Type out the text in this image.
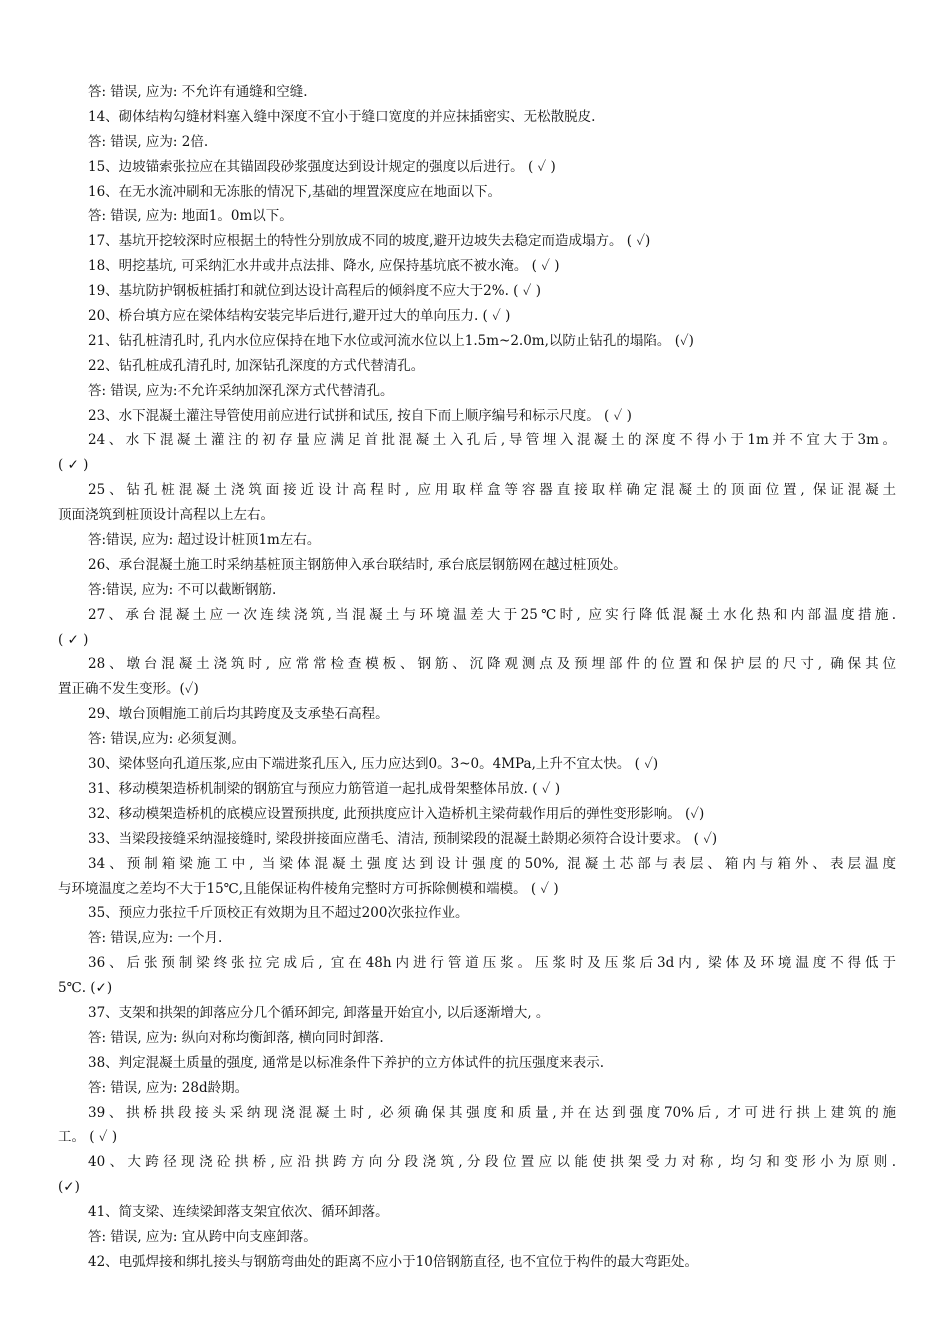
答: 错误, 应为: 不允许有通缝和空缝.
14、砌体结构勾缝材料塞入缝中深度不宜小于缝口宽度的并应抹插密实、无松散脱皮.
答: 错误, 应为: 2倍.
15、边坡锚索张拉应在其锚固段砂浆强度达到设计规定的强度以后进行。 ( ✓ )
16、在无水流冲刷和无冻胀的情况下,基础的埋置深度应在地面以下。
答: 错误, 应为: 地面1。0m以下。
17、基坑开挖较深时应根据土的特性分别放成不同的坡度,避开边坡失去稳定而造成塌方。 ( ✓)
18、明挖基坑, 可采纳汇水井或井点法排、降水, 应保持基坑底不被水淹。 ( ✓ )
19、基坑防护钢板桩插打和就位到达设计高程后的倾斜度不应大于2%. ( ✓ )
20、桥台填方应在梁体结构安装完毕后进行,避开过大的单向压力. ( ✓ )
21、钻孔桩清孔时, 孔内水位应保持在地下水位或河流水位以上1.5m~2.0m,以防止钻孔的塌陷。 (✓)
22、钻孔桩成孔清孔时, 加深钻孔深度的方式代替清孔。
答: 错误, 应为:不允许采纳加深孔深方式代替清孔。
23、水下混凝土灌注导管使用前应进行试拼和试压, 按自下而上顺序编号和标示尺度。 ( ✓ )
24、水下混凝土灌注的初存量应满足首批混凝土入孔后,导管埋入混凝土的深度不得小于1m并不宜大于3m。
( ✓ )
25、钻孔桩混凝土浇筑面接近设计高程时, 应用取样盒等容器直接取样确定混凝土的顶面位置, 保证混凝土
顶面浇筑到桩顶设计高程以上左右。
答:错误, 应为: 超过设计桩顶1m左右。
26、承台混凝土施工时采纳基桩顶主钢筋伸入承台联结时, 承台底层钢筋网在越过桩顶处。
答:错误, 应为: 不可以截断钢筋.
27、承台混凝土应一次连续浇筑,当混凝土与环境温差大于25℃时, 应实行降低混凝土水化热和内部温度措施.
( ✓ )
28、墩台混凝土浇筑时, 应常常检查模板、钢筋、沉降观测点及预埋部件的位置和保护层的尺寸, 确保其位
置正确不发生变形。(✓)
29、墩台顶帽施工前后均其跨度及支承垫石高程。
答: 错误,应为: 必须复测。
30、梁体竖向孔道压浆,应由下端进浆孔压入, 压力应达到0。3~0。4MPa,上升不宜太快。 ( ✓)
31、移动模架造桥机制梁的钢筋宜与预应力筋管道一起扎成骨架整体吊放. ( ✓ )
32、移动模架造桥机的底模应设置预拱度, 此预拱度应计入造桥机主梁荷载作用后的弹性变形影响。 (✓)
33、当梁段接缝采纳湿接缝时, 梁段拼接面应凿毛、清洁, 预制梁段的混凝土龄期必须符合设计要求。 ( ✓)
34、预制箱梁施工中, 当梁体混凝土强度达到设计强度的50%, 混凝土芯部与表层、箱内与箱外、表层温度
与环境温度之差均不大于15℃,且能保证构件棱角完整时方可拆除侧模和端模。 ( ✓ )
35、预应力张拉千斤顶校正有效期为且不超过200次张拉作业。
答: 错误,应为: 一个月.
36、后张预制梁终张拉完成后, 宜在48h内进行管道压浆。压浆时及压浆后3d内, 梁体及环境温度不得低于
5℃. (✓)
37、支架和拱架的卸落应分几个循环卸完, 卸落量开始宜小, 以后逐渐增大, 。
答: 错误, 应为: 纵向对称均衡卸落, 横向同时卸落.
38、判定混凝土质量的强度, 通常是以标准条件下养护的立方体试件的抗压强度来表示.
答: 错误, 应为: 28d龄期。
39、拱桥拱段接头采纳现浇混凝土时, 必须确保其强度和质量,并在达到强度70%后, 才可进行拱上建筑的施
工。 ( ✓ )
40、大跨径现浇砼拱桥,应沿拱跨方向分段浇筑,分段位置应以能使拱架受力对称, 均匀和变形小为原则.
(✓)
41、简支梁、连续梁卸落支架宜依次、循环卸落。
答: 错误, 应为: 宜从跨中向支座卸落。
42、电弧焊接和绑扎接头与钢筋弯曲处的距离不应小于10倍钢筋直径, 也不宜位于构件的最大弯距处。
